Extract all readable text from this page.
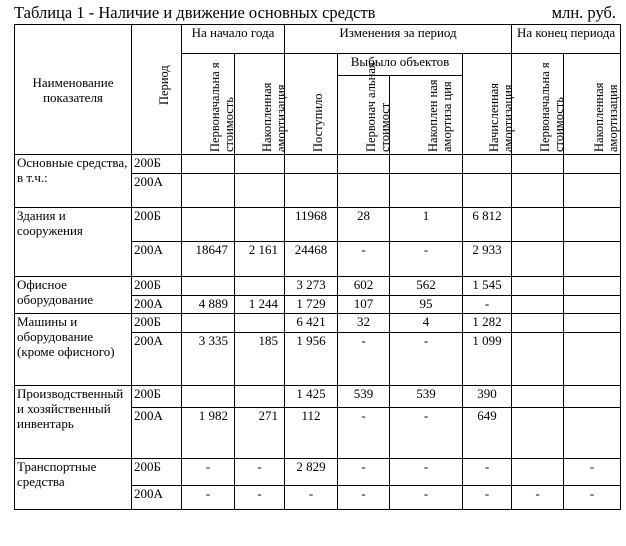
Таблица 1 - Наличие и движение основных средств	млн. руб.
Наименование показателя	Период	На начало года		Изменения за период				На конец периода	

		Первоначальна я стоимость	Накопленная амортизация	Поступило	Выбыло объектов		Начисленная амортизация	Первоначальна я стоимость	Накопленная амортизация

					Первонач альная стоимост	Накоплен ная амортиза ция			

Основные средства, в т.ч.:	200Б								
	200А								
Здания и сооружения	200Б			11968	28	1	6 812		
	200А	18647	2 161	24468	-	-	2 933		
Офисное оборудование	200Б			3 273	602	562	1 545		
	200А	4 889	1 244	1 729	107	95	-		
Машины и оборудование (кроме офисного)	200Б			6 421	32	4	1 282		
	200А	3 335	185	1 956	-	-	1 099		
Производственный и хозяйственный инвентарь	200Б			1 425	539	539	390		
	200А	1 982	271	112	-	-	649		
Транспортные средства	200Б	-	-	2 829	-	-	-		-
	200А	-	-	-	-	-	-	-	-
